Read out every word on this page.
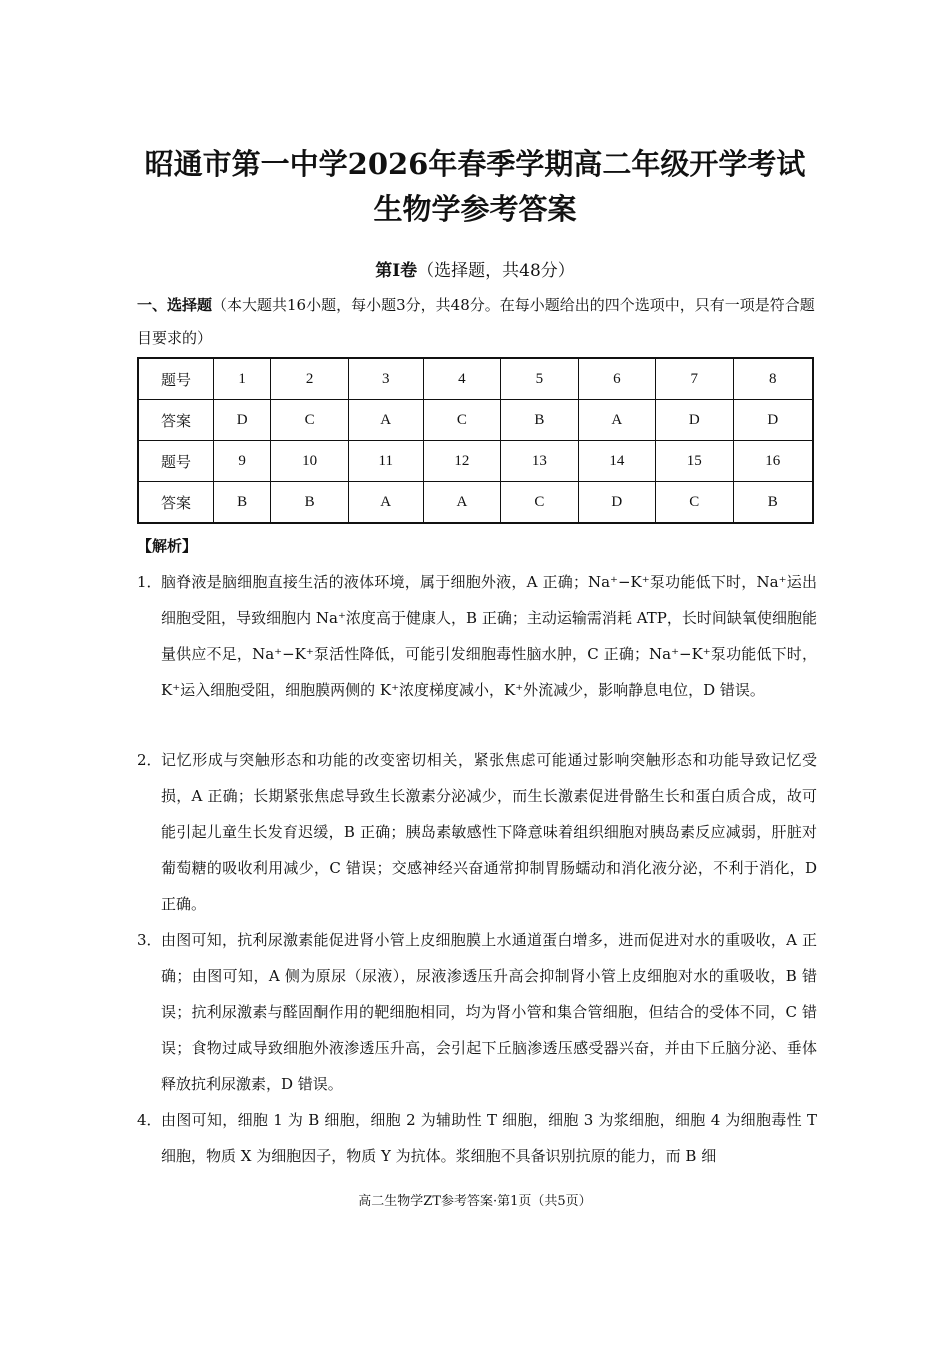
昭通市第一中学2026年春季学期高二年级开学考试
生物学参考答案
第Ⅰ卷（选择题，共48分）
一、选择题（本大题共16小题，每小题3分，共48分。在每小题给出的四个选项中，只有一项是符合题目要求的）
题号	1	2	3	4	5	6	7	8
答案	D	C	A	C	B	A	D	D
题号	9	10	11	12	13	14	15	16
答案	B	B	A	A	C	D	C	B
【解析】
1． 脑脊液是脑细胞直接生活的液体环境，属于细胞外液，A 正确；Na⁺−K⁺泵功能低下时，Na⁺运出细胞受阻，导致细胞内 Na⁺浓度高于健康人，B 正确；主动运输需消耗 ATP，长时间缺氧使细胞能量供应不足，Na⁺−K⁺泵活性降低，可能引发细胞毒性脑水肿，C 正确；Na⁺−K⁺泵功能低下时，K⁺运入细胞受阻，细胞膜两侧的 K⁺浓度梯度减小，K⁺外流减少，影响静息电位，D 错误。
2． 记忆形成与突触形态和功能的改变密切相关，紧张焦虑可能通过影响突触形态和功能导致记忆受损，A 正确；长期紧张焦虑导致生长激素分泌减少，而生长激素促进骨骼生长和蛋白质合成，故可能引起儿童生长发育迟缓，B 正确；胰岛素敏感性下降意味着组织细胞对胰岛素反应减弱，肝脏对葡萄糖的吸收利用减少，C 错误；交感神经兴奋通常抑制胃肠蠕动和消化液分泌，不利于消化，D 正确。
3． 由图可知，抗利尿激素能促进肾小管上皮细胞膜上水通道蛋白增多，进而促进对水的重吸收，A 正确；由图可知，A 侧为原尿（尿液），尿液渗透压升高会抑制肾小管上皮细胞对水的重吸收，B 错误；抗利尿激素与醛固酮作用的靶细胞相同，均为肾小管和集合管细胞，但结合的受体不同，C 错误；食物过咸导致细胞外液渗透压升高，会引起下丘脑渗透压感受器兴奋，并由下丘脑分泌、垂体释放抗利尿激素，D 错误。
4． 由图可知，细胞 1 为 B 细胞，细胞 2 为辅助性 T 细胞，细胞 3 为浆细胞，细胞 4 为细胞毒性 T 细胞，物质 X 为细胞因子，物质 Y 为抗体。浆细胞不具备识别抗原的能力，而 B 细
高二生物学ZT参考答案·第1页（共5页）
